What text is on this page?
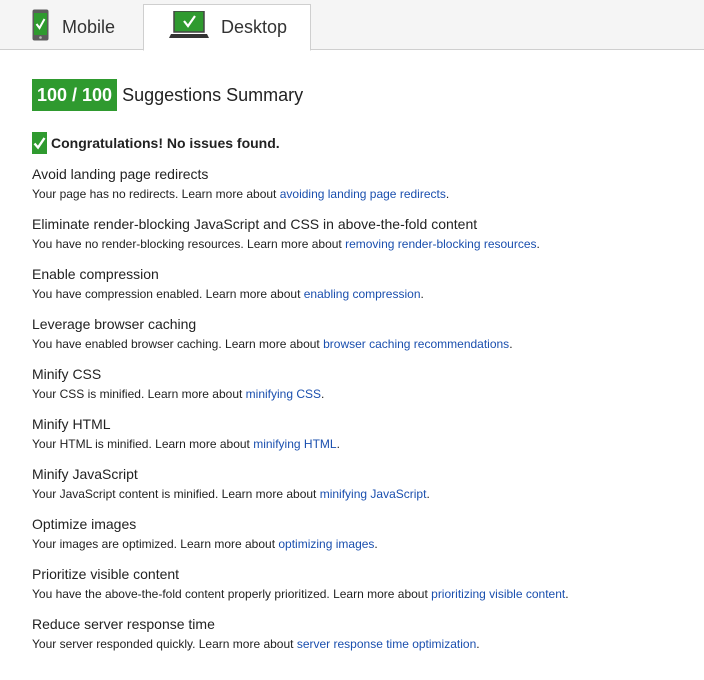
Mobile	Desktop
100 / 100 Suggestions Summary
Congratulations! No issues found.
Avoid landing page redirects
Your page has no redirects. Learn more about avoiding landing page redirects.
Eliminate render-blocking JavaScript and CSS in above-the-fold content
You have no render-blocking resources. Learn more about removing render-blocking resources.
Enable compression
You have compression enabled. Learn more about enabling compression.
Leverage browser caching
You have enabled browser caching. Learn more about browser caching recommendations.
Minify CSS
Your CSS is minified. Learn more about minifying CSS.
Minify HTML
Your HTML is minified. Learn more about minifying HTML.
Minify JavaScript
Your JavaScript content is minified. Learn more about minifying JavaScript.
Optimize images
Your images are optimized. Learn more about optimizing images.
Prioritize visible content
You have the above-the-fold content properly prioritized. Learn more about prioritizing visible content.
Reduce server response time
Your server responded quickly. Learn more about server response time optimization.
